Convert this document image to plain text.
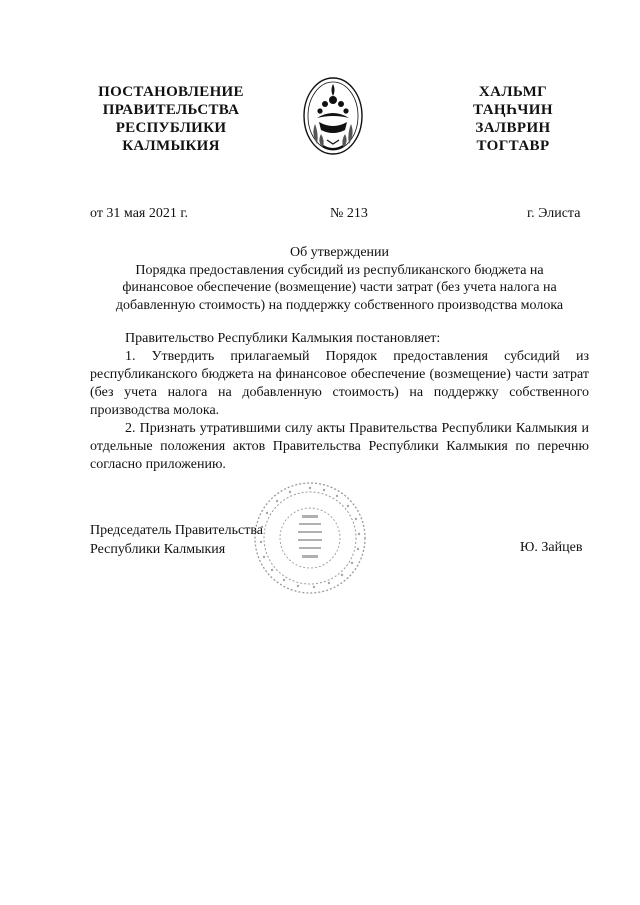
ПОСТАНОВЛЕНИЕ
ПРАВИТЕЛЬСТВА
РЕСПУБЛИКИ
КАЛМЫКИЯ
ХАЛЬМГ
ТАҢҺЧИН
ЗАЛВРИН
ТОГТАВР
от 31 мая 2021 г.	№ 213	г. Элиста
Об утверждении
Порядка предоставления субсидий из республиканского бюджета на
финансовое обеспечение (возмещение) части затрат (без учета налога на
добавленную стоимость) на поддержку собственного производства молока

Правительство Республики Калмыкия постановляет:

1. Утвердить прилагаемый Порядок предоставления субсидий из республиканского бюджета на финансовое обеспечение (возмещение) части затрат (без учета налога на добавленную стоимость) на поддержку собственного производства молока.

2. Признать утратившими силу акты Правительства Республики Калмыкия и отдельные положения актов Правительства Республики Калмыкия по перечню согласно приложению.

Председатель Правительства
Республики Калмыкия	Ю. Зайцев
